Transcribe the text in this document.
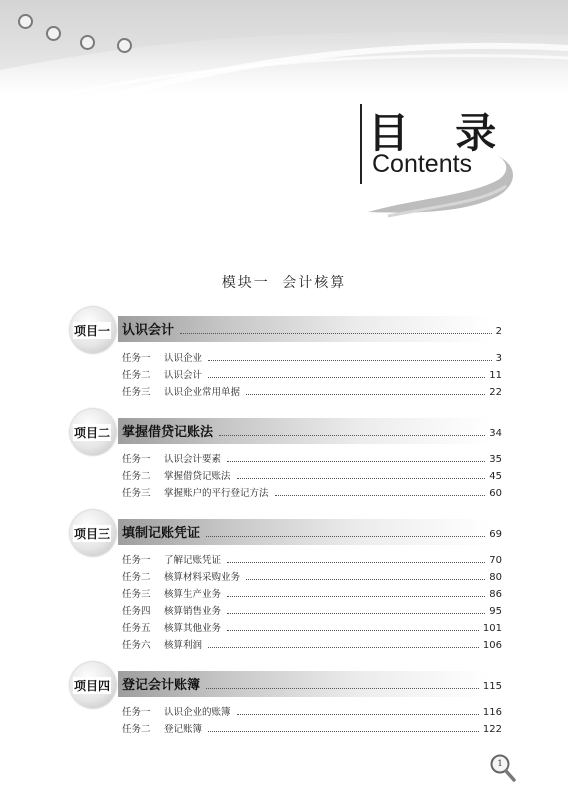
目 录
Contents
模块一 会计核算
项目一 认识会计	2
任务一	认识企业	3
任务二	认识会计	11
任务三	认识企业常用单据	22
项目二 掌握借贷记账法	34
任务一	认识会计要素	35
任务二	掌握借贷记账法	45
任务三	掌握账户的平行登记方法	60
项目三 填制记账凭证	69
任务一	了解记账凭证	70
任务二	核算材料采购业务	80
任务三	核算生产业务	86
任务四	核算销售业务	95
任务五	核算其他业务	101
任务六	核算利润	106
项目四 登记会计账簿	115
任务一	认识企业的账簿	116
任务二	登记账簿	122
1
